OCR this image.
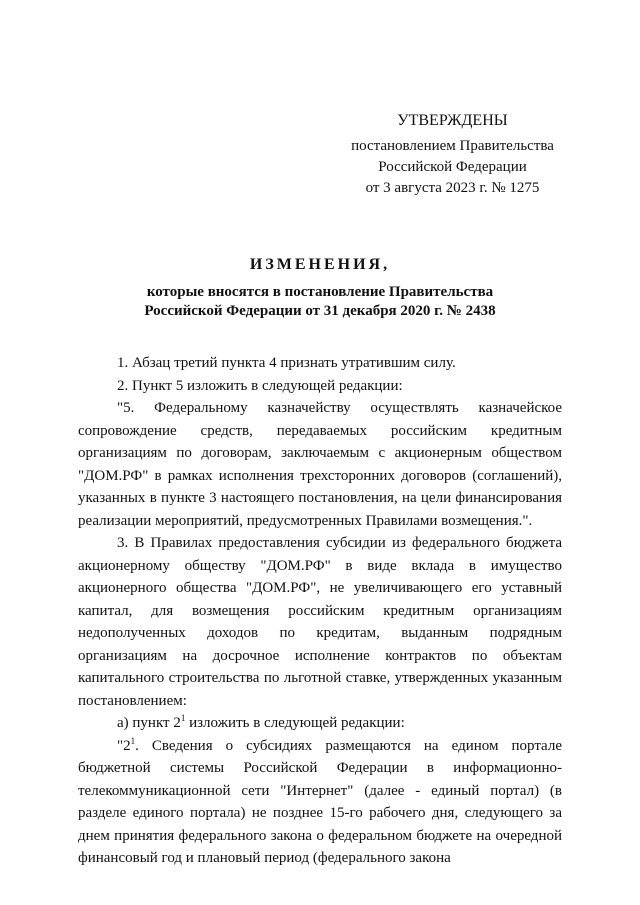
УТВЕРЖДЕНЫ
постановлением Правительства
Российской Федерации
от 3 августа 2023 г. № 1275
ИЗМЕНЕНИЯ,
которые вносятся в постановление Правительства
Российской Федерации от 31 декабря 2020 г. № 2438

1. Абзац третий пункта 4 признать утратившим силу.

2. Пункт 5 изложить в следующей редакции:

"5. Федеральному казначейству осуществлять казначейское сопровождение средств, передаваемых российским кредитным организациям по договорам, заключаемым с акционерным обществом "ДОМ.РФ" в рамках исполнения трехсторонних договоров (соглашений), указанных в пункте 3 настоящего постановления, на цели финансирования реализации мероприятий, предусмотренных Правилами возмещения.".

3. В Правилах предоставления субсидии из федерального бюджета акционерному обществу "ДОМ.РФ" в виде вклада в имущество акционерного общества "ДОМ.РФ", не увеличивающего его уставный капитал, для возмещения российским кредитным организациям недополученных доходов по кредитам, выданным подрядным организациям на досрочное исполнение контрактов по объектам капитального строительства по льготной ставке, утвержденных указанным постановлением:

а) пункт $2^1$ изложить в следующей редакции:

"$2^1$. Сведения о субсидиях размещаются на едином портале бюджетной системы Российской Федерации в информационно-телекоммуникационной сети "Интернет" (далее - единый портал) (в разделе единого портала) не позднее 15-го рабочего дня, следующего за днем принятия федерального закона о федеральном бюджете на очередной финансовый год и плановый период (федерального закона
